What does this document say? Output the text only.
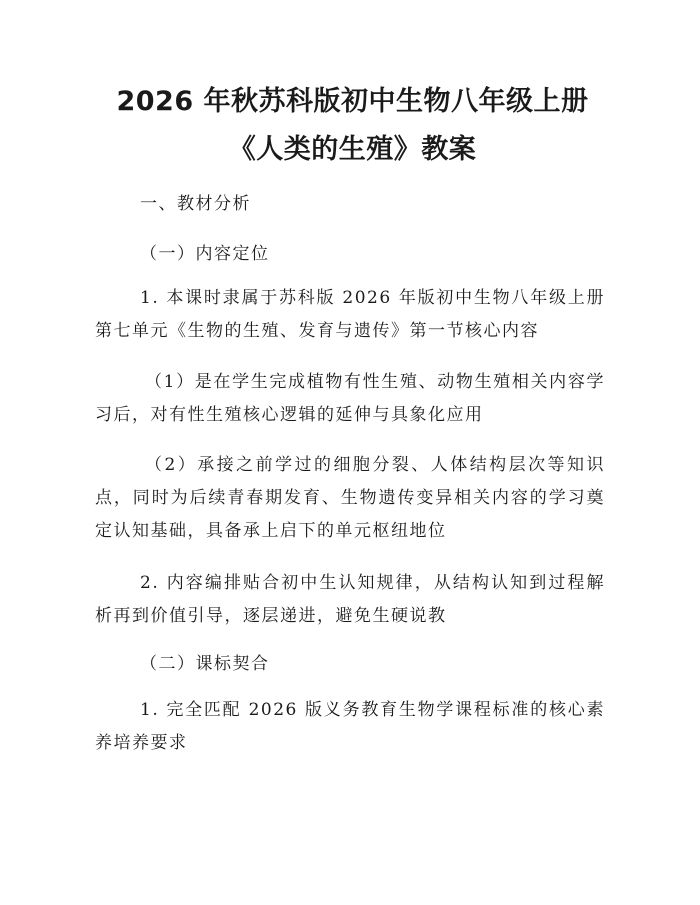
2026 年秋苏科版初中生物八年级上册《人类的生殖》教案

一、教材分析

（一）内容定位

1. 本课时隶属于苏科版 2026 年版初中生物八年级上册第七单元《生物的生殖、发育与遗传》第一节核心内容

（1）是在学生完成植物有性生殖、动物生殖相关内容学习后，对有性生殖核心逻辑的延伸与具象化应用

（2）承接之前学过的细胞分裂、人体结构层次等知识点，同时为后续青春期发育、生物遗传变异相关内容的学习奠定认知基础，具备承上启下的单元枢纽地位

2. 内容编排贴合初中生认知规律，从结构认知到过程解析再到价值引导，逐层递进，避免生硬说教

（二）课标契合

1. 完全匹配 2026 版义务教育生物学课程标准的核心素养培养要求
